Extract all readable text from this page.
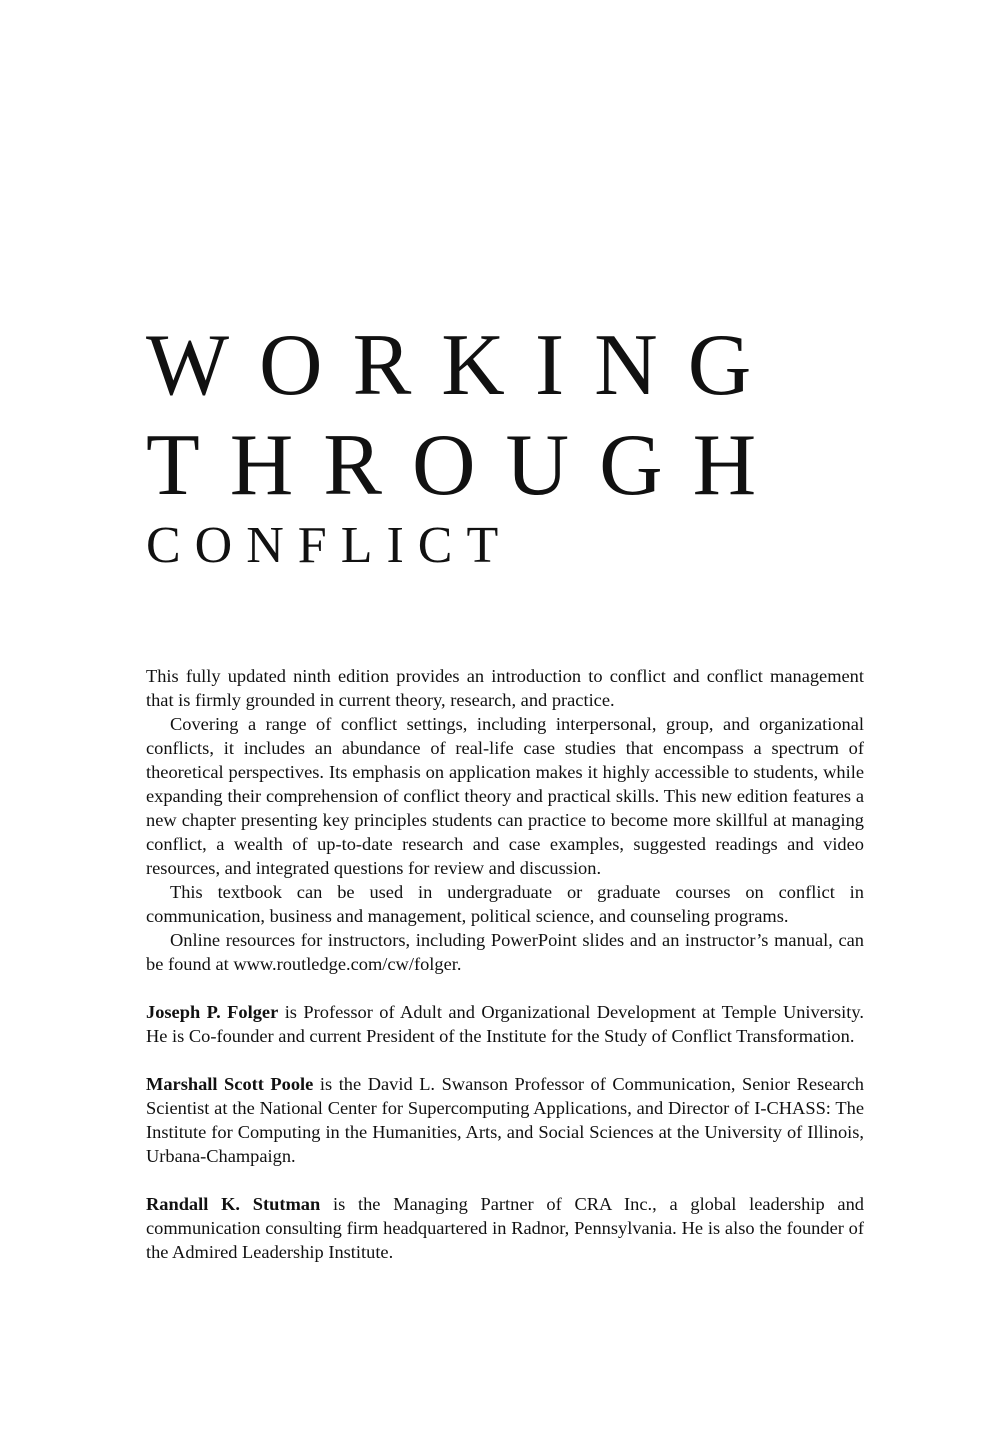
WORKING
THROUGH
CONFLICT

This fully updated ninth edition provides an introduction to conflict and conflict management that is firmly grounded in current theory, research, and practice.

Covering a range of conflict settings, including interpersonal, group, and organizational conflicts, it includes an abundance of real-life case studies that encompass a spectrum of theoretical perspectives. Its emphasis on application makes it highly accessible to students, while expanding their comprehension of conflict theory and practical skills. This new edition features a new chapter presenting key principles students can practice to become more skillful at managing conflict, a wealth of up-to-date research and case examples, suggested readings and video resources, and integrated questions for review and discussion.

This textbook can be used in undergraduate or graduate courses on conflict in communication, business and management, political science, and counseling programs.

Online resources for instructors, including PowerPoint slides and an instructor’s manual, can be found at www.routledge.com/cw/folger.

Joseph P. Folger is Professor of Adult and Organizational Development at Temple University. He is Co-founder and current President of the Institute for the Study of Conflict Transformation.

Marshall Scott Poole is the David L. Swanson Professor of Communication, Senior Research Scientist at the National Center for Supercomputing Applications, and Director of I-CHASS: The Institute for Computing in the Humanities, Arts, and Social Sciences at the University of Illinois, Urbana-Champaign.

Randall K. Stutman is the Managing Partner of CRA Inc., a global leadership and communication consulting firm headquartered in Radnor, Pennsylvania. He is also the founder of the Admired Leadership Institute.
